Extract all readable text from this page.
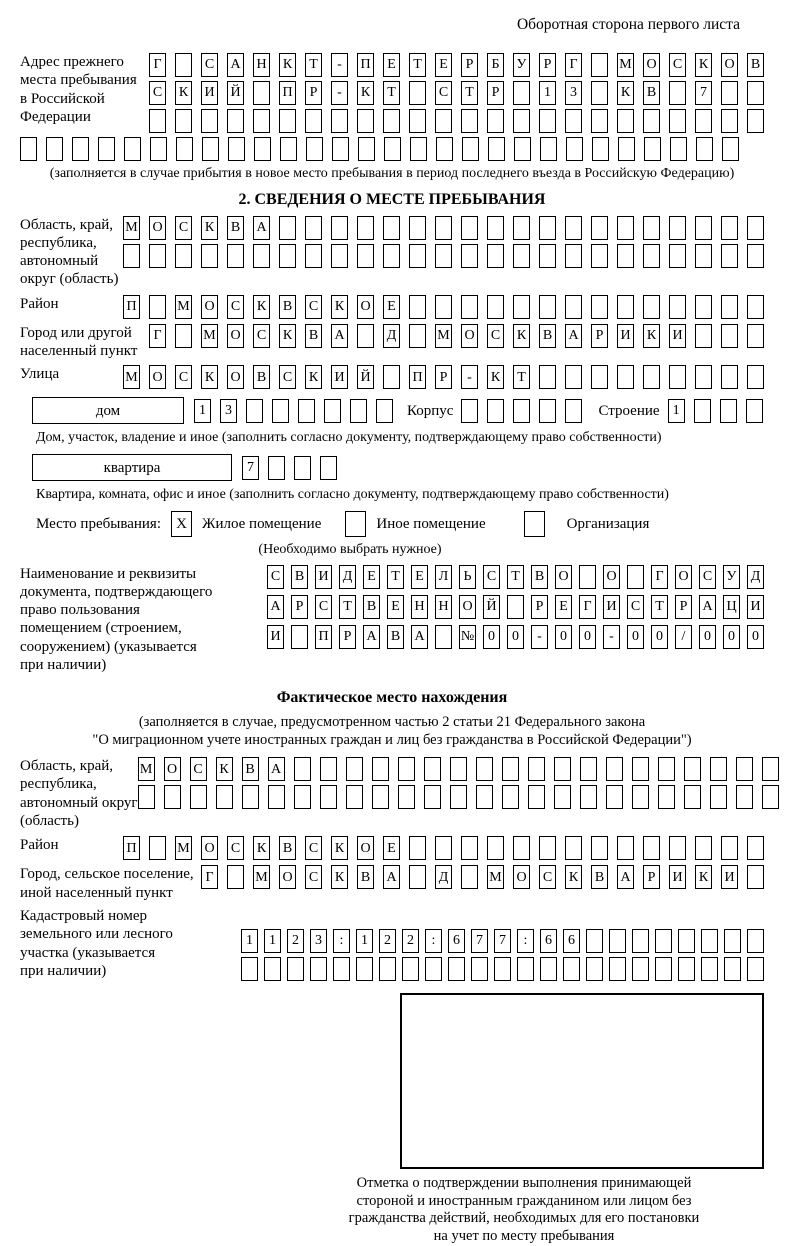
Оборотная сторона первого листа
Адрес прежнего
места пребывания
в Российской
Федерации
Г	С А Н К	Т	-	П	Е	Т	Е	Р	Б	У	Р	Г	М О С К О В
С К И Й	П	Р	-	К	Т	С	Т	Р	1	3	К В	7
(заполняется в случае прибытия в новое место пребывания в период последнего въезда в Российскую Федерацию)
2. СВЕДЕНИЯ О МЕСТЕ ПРЕБЫВАНИЯ
Область, край,
республика,
автономный
округ (область)
М О С К В А
Район	П	М О С К В С К О	Е
Город или другой
населенный пункт
Г	М О С К В А	Д	М О С К В А	Р	И К И
Улица	М О С К О В С К И Й	П	Р	-	К	Т
дом	1	3	Корпус	Строение 1
Дом, участок, владение и иное (заполнить согласно документу, подтверждающему право собственности)
квартира	7
Квартира, комната, офис и иное (заполнить согласно документу, подтверждающему право собственности)
Место пребывания:	X	Жилое помещение	Иное помещение	Организация
(Необходимо выбрать нужное)
Наименование и реквизиты
документа, подтверждающего
право пользования
помещением (строением,
сооружением) (указывается
при наличии)
С В И Д	Е	Т	Е	Л	Ь	С	Т	В О	О	Г	О С У Д
А	Р	С	Т	В	Е	Н Н О Й	Р	Е	Г	И С	Т	Р	А Ц И
И	П	Р	А В А	№ 0	0	-	0	0	-	0	0	/	0	0	0
Фактическое место нахождения
(заполняется в случае, предусмотренном частью 2 статьи 21 Федерального закона
"О миграционном учете иностранных граждан и лиц без гражданства в Российской Федерации")
Область, край,
республика,
автономный округ
(область)
М О С К В А
Район	П	М О С К В С К О	Е
Город, сельское поселение,
иной населенный пункт
Г	М О С К В А	Д	М О С К В А	Р	И К И
Кадастровый номер
земельного или лесного
участка (указывается
при наличии)
1	1	2	3	:	1	2	2	:	6	7	7	:	6	6
Отметка о подтверждении выполнения принимающей
стороной и иностранным гражданином или лицом без
гражданства действий, необходимых для его постановки
на учет по месту пребывания
